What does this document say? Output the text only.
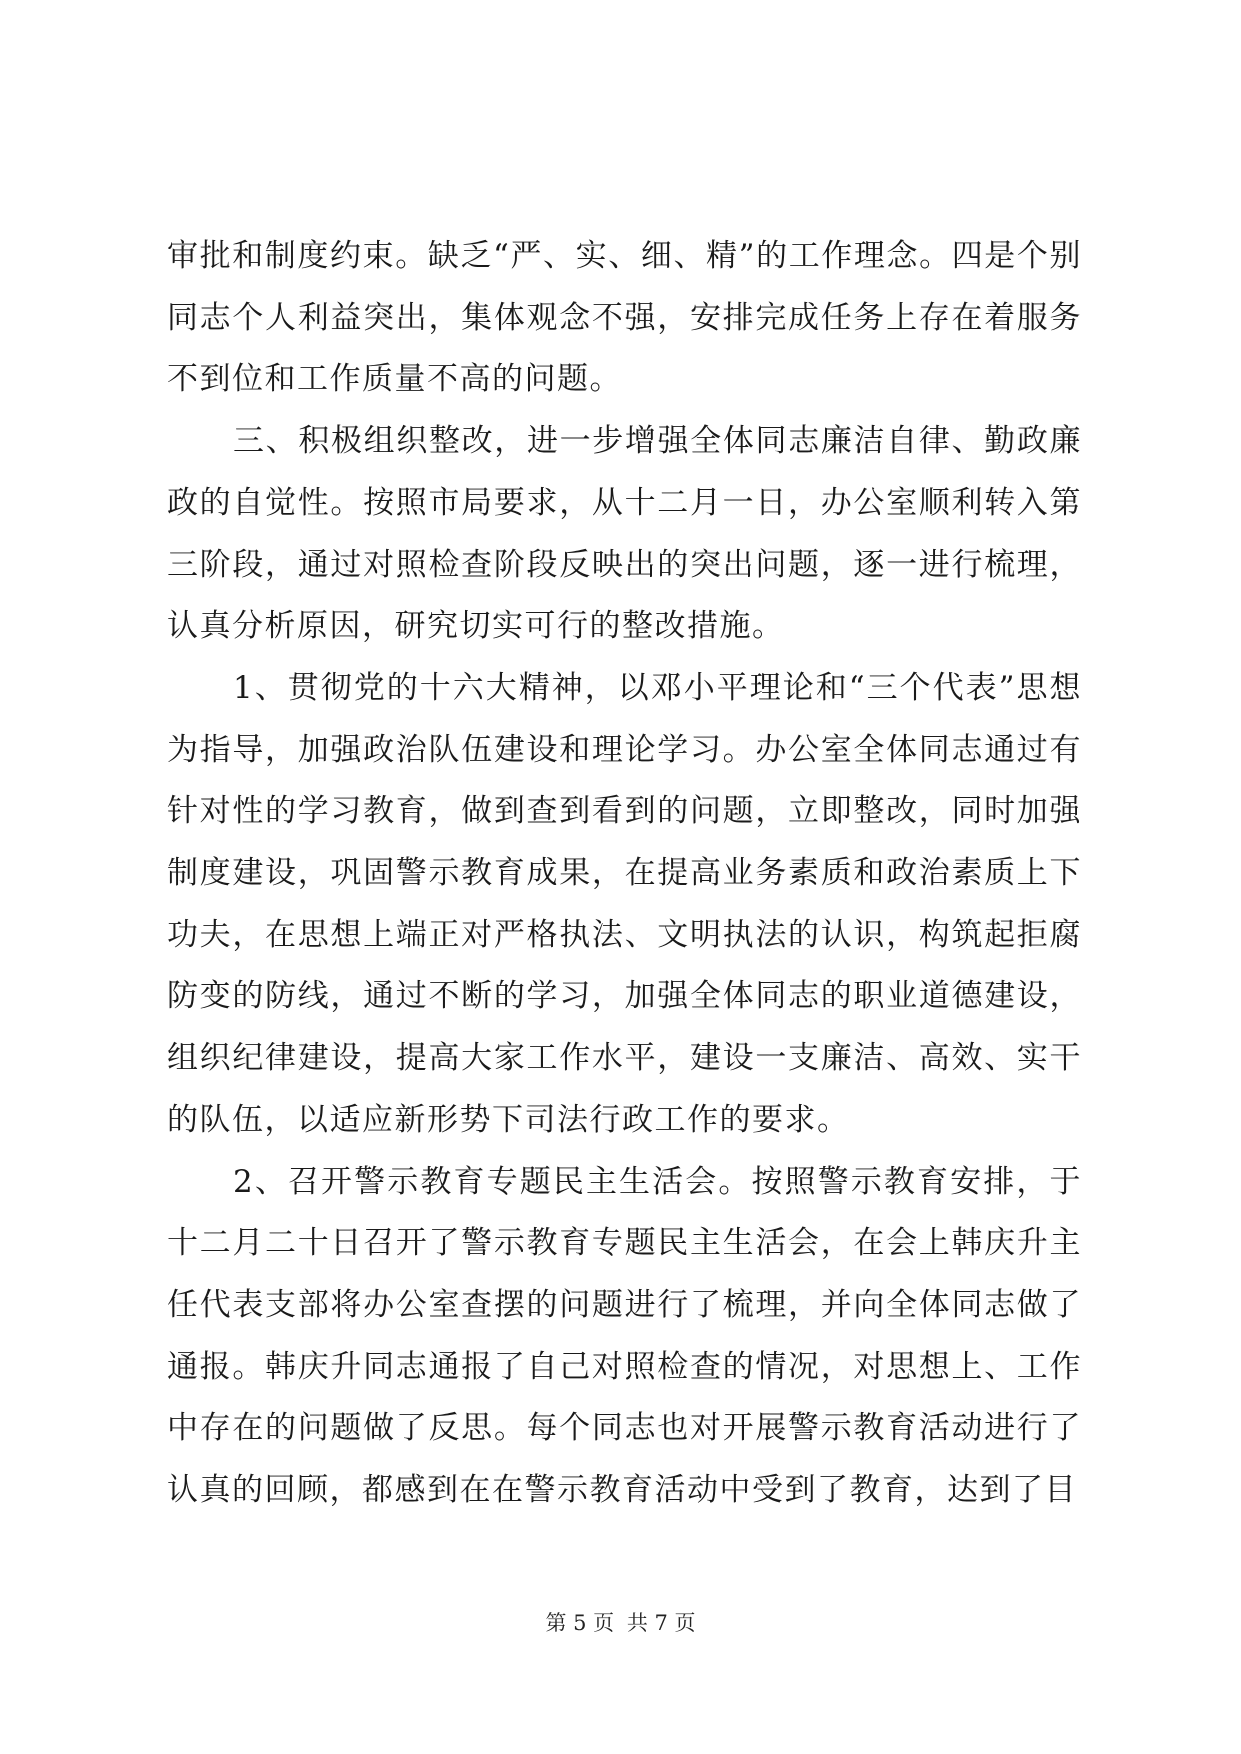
审批和制度约束。缺乏“严、实、细、精”的工作理念。四是个别同志个人利益突出，集体观念不强，安排完成任务上存在着服务不到位和工作质量不高的问题。

三、积极组织整改，进一步增强全体同志廉洁自律、勤政廉政的自觉性。按照市局要求，从十二月一日，办公室顺利转入第三阶段，通过对照检查阶段反映出的突出问题，逐一进行梳理，认真分析原因，研究切实可行的整改措施。

1、贯彻党的十六大精神，以邓小平理论和“三个代表”思想为指导，加强政治队伍建设和理论学习。办公室全体同志通过有针对性的学习教育，做到查到看到的问题，立即整改，同时加强制度建设，巩固警示教育成果，在提高业务素质和政治素质上下功夫，在思想上端正对严格执法、文明执法的认识，构筑起拒腐防变的防线，通过不断的学习，加强全体同志的职业道德建设，组织纪律建设，提高大家工作水平，建设一支廉洁、高效、实干的队伍，以适应新形势下司法行政工作的要求。

2、召开警示教育专题民主生活会。按照警示教育安排，于十二月二十日召开了警示教育专题民主生活会，在会上韩庆升主任代表支部将办公室查摆的问题进行了梳理，并向全体同志做了通报。韩庆升同志通报了自己对照检查的情况，对思想上、工作中存在的问题做了反思。每个同志也对开展警示教育活动进行了认真的回顾，都感到在在警示教育活动中受到了教育，达到了目

第 5 页 共 7 页
